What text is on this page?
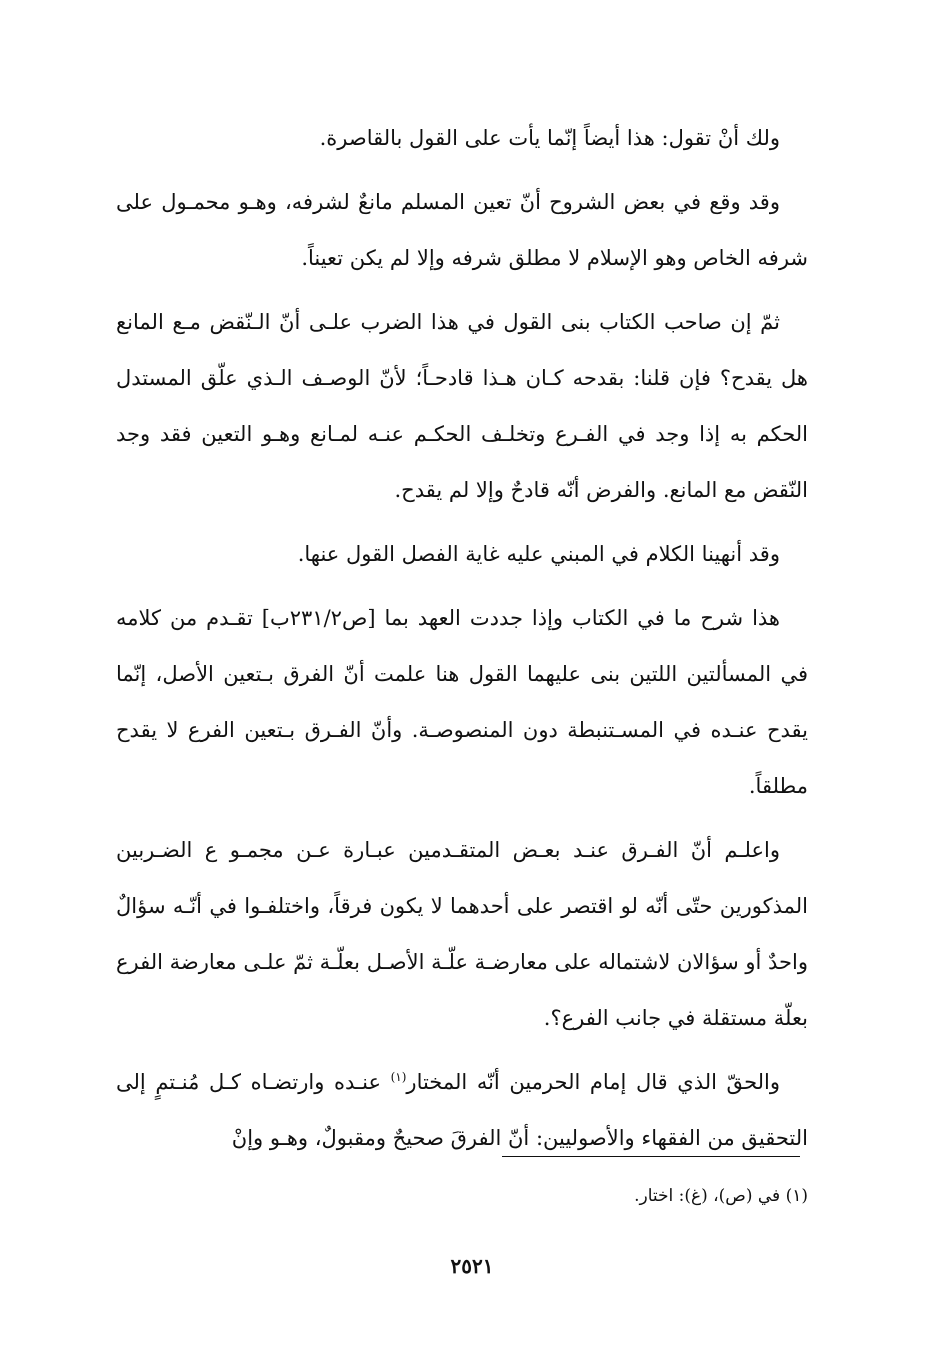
ولك أنْ تقول: هذا أيضاً إنّما يأت على القول بالقاصرة.

وقد وقع في بعض الشروح أنّ تعين المسلم مانعٌ لشرفه، وهـو محمـول على شرفه الخاص وهو الإسلام لا مطلق شرفه وإلا لم يكن تعيناً.

ثمّ إن صاحب الكتاب بنى القول في هذا الضرب علـى أنّ الـنّقض مـع المانع هل يقدح؟ فإن قلنا: بقدحه كـان هـذا قادحـاً؛ لأنّ الوصـف الـذي علّق المستدل الحكم به إذا وجد في الفـرع وتخلـف الحكـم عنـه لمـانع وهـو التعين فقد وجد النّقض مع المانع. والفرض أنّه قادحٌ وإلا لم يقدح.

وقد أنهينا الكلام في المبني عليه غاية الفصل القول عنها.

هذا شرح ما في الكتاب وإذا جددت العهد بما [ص٢٣١/٢ب] تقـدم من كلامه في المسألتين اللتين بنى عليهما القول هنا علمت أنّ الفرق بـتعين الأصل، إنّما يقدح عنـده في المسـتنبطة دون المنصوصـة. وأنّ الفـرق بـتعين الفرع لا يقدح مطلقاً.

واعلـم أنّ الفـرق عنـد بعـض المتقـدمين عبـارة عـن مجمـو ع الضـربين المذكورين حتّى أنّه لو اقتصر على أحدهما لا يكون فرقاً، واختلفـوا في أنّـه سؤالٌ واحدٌ أو سؤالان لاشتماله على معارضـة علّـة الأصـل بعلّـة ثمّ علـى معارضة الفرع بعلّة مستقلة في جانب الفرع؟.

والحقّ الذي قال إمام الحرمين أنّه المختار$^{(١)}$ عنـده وارتضـاه كـل مُنـتمٍ إلى التحقيق من الفقهاء والأصوليين: أنّ الفرقَ صحيحٌ ومقبولٌ، وهـو وإنْ

(١) في (ص)، (غ): اختار.
٢٥٢١
